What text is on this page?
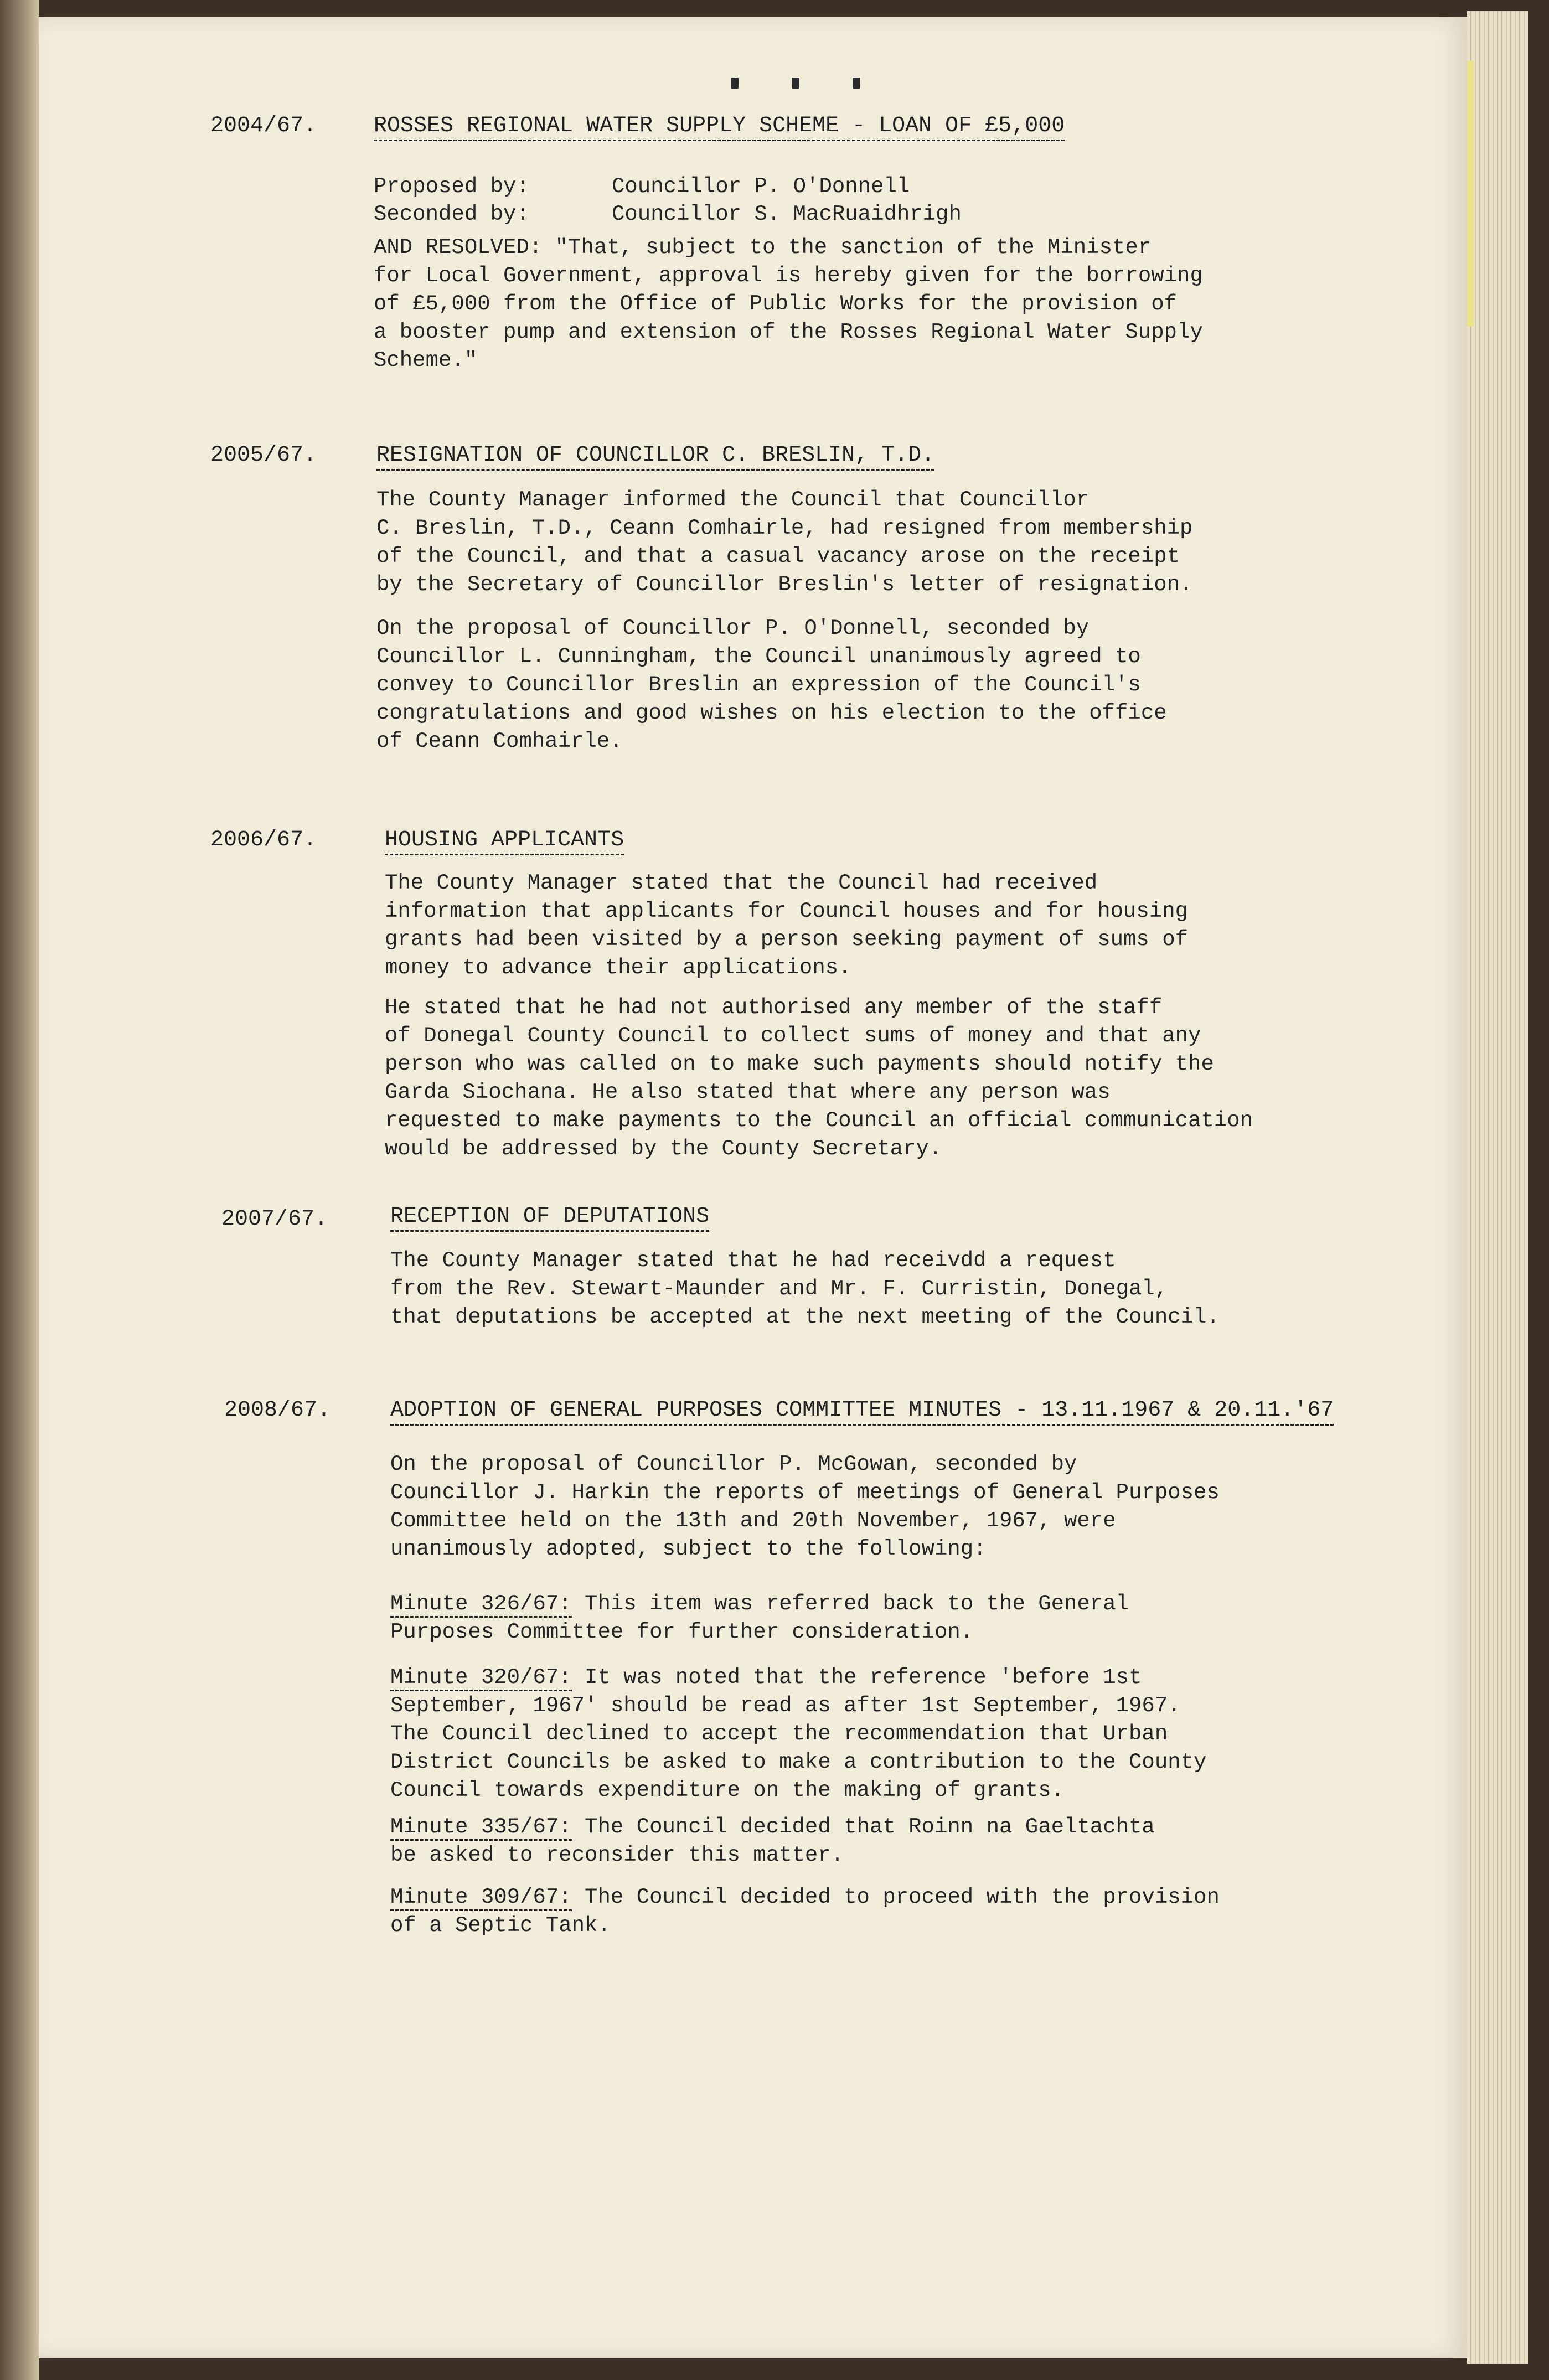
2004/67.	ROSSES REGIONAL WATER SUPPLY SCHEME - LOAN OF £5,000
Proposed by:	Councillor P. O'Donnell
Seconded by:	Councillor S. MacRuaidhrigh

AND RESOLVED: "That, subject to the sanction of the Minister
for Local Government, approval is hereby given for the borrowing
of £5,000 from the Office of Public Works for the provision of
a booster pump and extension of the Rosses Regional Water Supply
Scheme."

2005/67.	RESIGNATION OF COUNCILLOR C. BRESLIN, T.D.

The County Manager informed the Council that Councillor
C. Breslin, T.D., Ceann Comhairle, had resigned from membership
of the Council, and that a casual vacancy arose on the receipt
by the Secretary of Councillor Breslin's letter of resignation.

On the proposal of Councillor P. O'Donnell, seconded by
Councillor L. Cunningham, the Council unanimously agreed to
convey to Councillor Breslin an expression of the Council's
congratulations and good wishes on his election to the office
of Ceann Comhairle.

2006/67.	HOUSING APPLICANTS

The County Manager stated that the Council had received
information that applicants for Council houses and for housing
grants had been visited by a person seeking payment of sums of
money to advance their applications.

He stated that he had not authorised any member of the staff
of Donegal County Council to collect sums of money and that any
person who was called on to make such payments should notify the
Garda Siochana. He also stated that where any person was
requested to make payments to the Council an official communication
would be addressed by the County Secretary.

2007/67.	RECEPTION OF DEPUTATIONS

The County Manager stated that he had receivdd a request
from the Rev. Stewart-Maunder and Mr. F. Curristin, Donegal,
that deputations be accepted at the next meeting of the Council.

2008/67.	ADOPTION OF GENERAL PURPOSES COMMITTEE MINUTES - 13.11.1967 & 20.11.'67

On the proposal of Councillor P. McGowan, seconded by
Councillor J. Harkin the reports of meetings of General Purposes
Committee held on the 13th and 20th November, 1967, were
unanimously adopted, subject to the following:

Minute 326/67: This item was referred back to the General
Purposes Committee for further consideration.
Minute 320/67: It was noted that the reference 'before 1st
September, 1967' should be read as after 1st September, 1967.
The Council declined to accept the recommendation that Urban
District Councils be asked to make a contribution to the County
Council towards expenditure on the making of grants.
Minute 335/67: The Council decided that Roinn na Gaeltachta
be asked to reconsider this matter.
Minute 309/67: The Council decided to proceed with the provision
of a Septic Tank.
